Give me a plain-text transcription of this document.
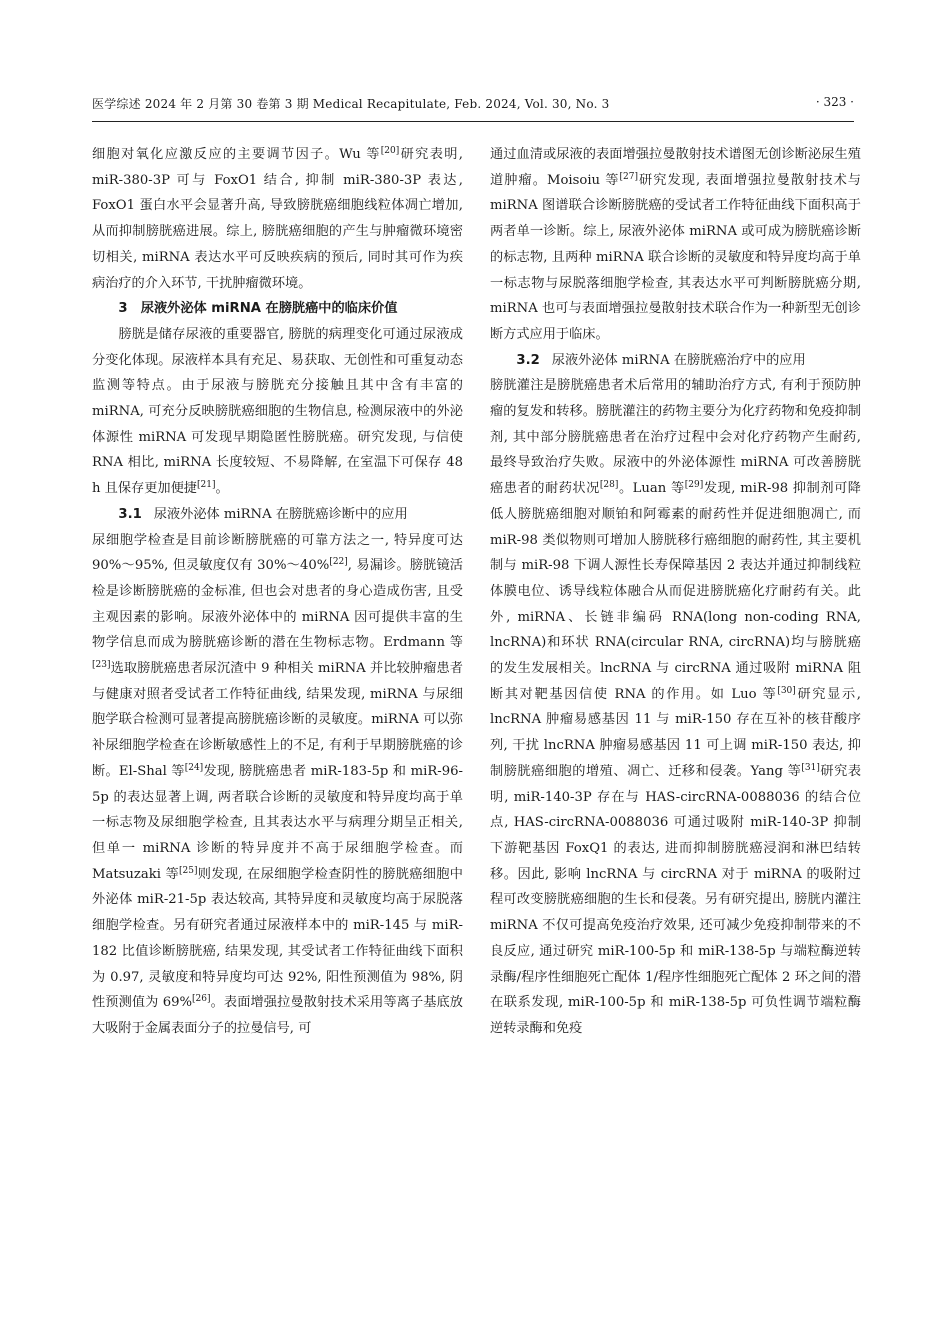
医学综述 2024 年 2 月第 30 卷第 3 期 Medical Recapitulate, Feb. 2024, Vol. 30, No. 3	· 323 ·

细胞对氧化应激反应的主要调节因子。Wu 等[20]研究表明, miR-380-3P 可与 FoxO1 结合, 抑制 miR-380-3P 表达, FoxO1 蛋白水平会显著升高, 导致膀胱癌细胞线粒体凋亡增加, 从而抑制膀胱癌进展。综上, 膀胱癌细胞的产生与肿瘤微环境密切相关, miRNA 表达水平可反映疾病的预后, 同时其可作为疾病治疗的介入环节, 干扰肿瘤微环境。

3　尿液外泌体 miRNA 在膀胱癌中的临床价值

膀胱是储存尿液的重要器官, 膀胱的病理变化可通过尿液成分变化体现。尿液样本具有充足、易获取、无创性和可重复动态监测等特点。由于尿液与膀胱充分接触且其中含有丰富的 miRNA, 可充分反映膀胱癌细胞的生物信息, 检测尿液中的外泌体源性 miRNA 可发现早期隐匿性膀胱癌。研究发现, 与信使 RNA 相比, miRNA 长度较短、不易降解, 在室温下可保存 48 h 且保存更加便捷[21]。

3.1 尿液外泌体 miRNA 在膀胱癌诊断中的应用

尿细胞学检查是目前诊断膀胱癌的可靠方法之一, 特异度可达 90%～95%, 但灵敏度仅有 30%～40%[22], 易漏诊。膀胱镜活检是诊断膀胱癌的金标准, 但也会对患者的身心造成伤害, 且受主观因素的影响。尿液外泌体中的 miRNA 因可提供丰富的生物学信息而成为膀胱癌诊断的潜在生物标志物。Erdmann 等[23]选取膀胱癌患者尿沉渣中 9 种相关 miRNA 并比较肿瘤患者与健康对照者受试者工作特征曲线, 结果发现, miRNA 与尿细胞学联合检测可显著提高膀胱癌诊断的灵敏度。miRNA 可以弥补尿细胞学检查在诊断敏感性上的不足, 有利于早期膀胱癌的诊断。El-Shal 等[24]发现, 膀胱癌患者 miR-183-5p 和 miR-96-5p 的表达显著上调, 两者联合诊断的灵敏度和特异度均高于单一标志物及尿细胞学检查, 且其表达水平与病理分期呈正相关, 但单一 miRNA 诊断的特异度并不高于尿细胞学检查。而 Matsuzaki 等[25]则发现, 在尿细胞学检查阴性的膀胱癌细胞中外泌体 miR-21-5p 表达较高, 其特异度和灵敏度均高于尿脱落细胞学检查。另有研究者通过尿液样本中的 miR-145 与 miR-182 比值诊断膀胱癌, 结果发现, 其受试者工作特征曲线下面积为 0.97, 灵敏度和特异度均可达 92%, 阳性预测值为 98%, 阴性预测值为 69%[26]。表面增强拉曼散射技术采用等离子基底放大吸附于金属表面分子的拉曼信号, 可

通过血清或尿液的表面增强拉曼散射技术谱图无创诊断泌尿生殖道肿瘤。Moisoiu 等[27]研究发现, 表面增强拉曼散射技术与 miRNA 图谱联合诊断膀胱癌的受试者工作特征曲线下面积高于两者单一诊断。综上, 尿液外泌体 miRNA 或可成为膀胱癌诊断的标志物, 且两种 miRNA 联合诊断的灵敏度和特异度均高于单一标志物与尿脱落细胞学检查, 其表达水平可判断膀胱癌分期, miRNA 也可与表面增强拉曼散射技术联合作为一种新型无创诊断方式应用于临床。

3.2 尿液外泌体 miRNA 在膀胱癌治疗中的应用

膀胱灌注是膀胱癌患者术后常用的辅助治疗方式, 有利于预防肿瘤的复发和转移。膀胱灌注的药物主要分为化疗药物和免疫抑制剂, 其中部分膀胱癌患者在治疗过程中会对化疗药物产生耐药, 最终导致治疗失败。尿液中的外泌体源性 miRNA 可改善膀胱癌患者的耐药状况[28]。Luan 等[29]发现, miR-98 抑制剂可降低人膀胱癌细胞对顺铂和阿霉素的耐药性并促进细胞凋亡, 而 miR-98 类似物则可增加人膀胱移行癌细胞的耐药性, 其主要机制与 miR-98 下调人源性长寿保障基因 2 表达并通过抑制线粒体膜电位、诱导线粒体融合从而促进膀胱癌化疗耐药有关。此外, miRNA、长链非编码 RNA(long non-coding RNA, lncRNA)和环状 RNA(circular RNA, circRNA)均与膀胱癌的发生发展相关。lncRNA 与 circRNA 通过吸附 miRNA 阻断其对靶基因信使 RNA 的作用。如 Luo 等[30]研究显示, lncRNA 肿瘤易感基因 11 与 miR-150 存在互补的核苷酸序列, 干扰 lncRNA 肿瘤易感基因 11 可上调 miR-150 表达, 抑制膀胱癌细胞的增殖、凋亡、迁移和侵袭。Yang 等[31]研究表明, miR-140-3P 存在与 HAS-circRNA-0088036 的结合位点, HAS-circRNA-0088036 可通过吸附 miR-140-3P 抑制下游靶基因 FoxQ1 的表达, 进而抑制膀胱癌浸润和淋巴结转移。因此, 影响 lncRNA 与 circRNA 对于 miRNA 的吸附过程可改变膀胱癌细胞的生长和侵袭。另有研究提出, 膀胱内灌注 miRNA 不仅可提高免疫治疗效果, 还可减少免疫抑制带来的不良反应, 通过研究 miR-100-5p 和 miR-138-5p 与端粒酶逆转录酶/程序性细胞死亡配体 1/程序性细胞死亡配体 2 环之间的潜在联系发现, miR-100-5p 和 miR-138-5p 可负性调节端粒酶逆转录酶和免疫
